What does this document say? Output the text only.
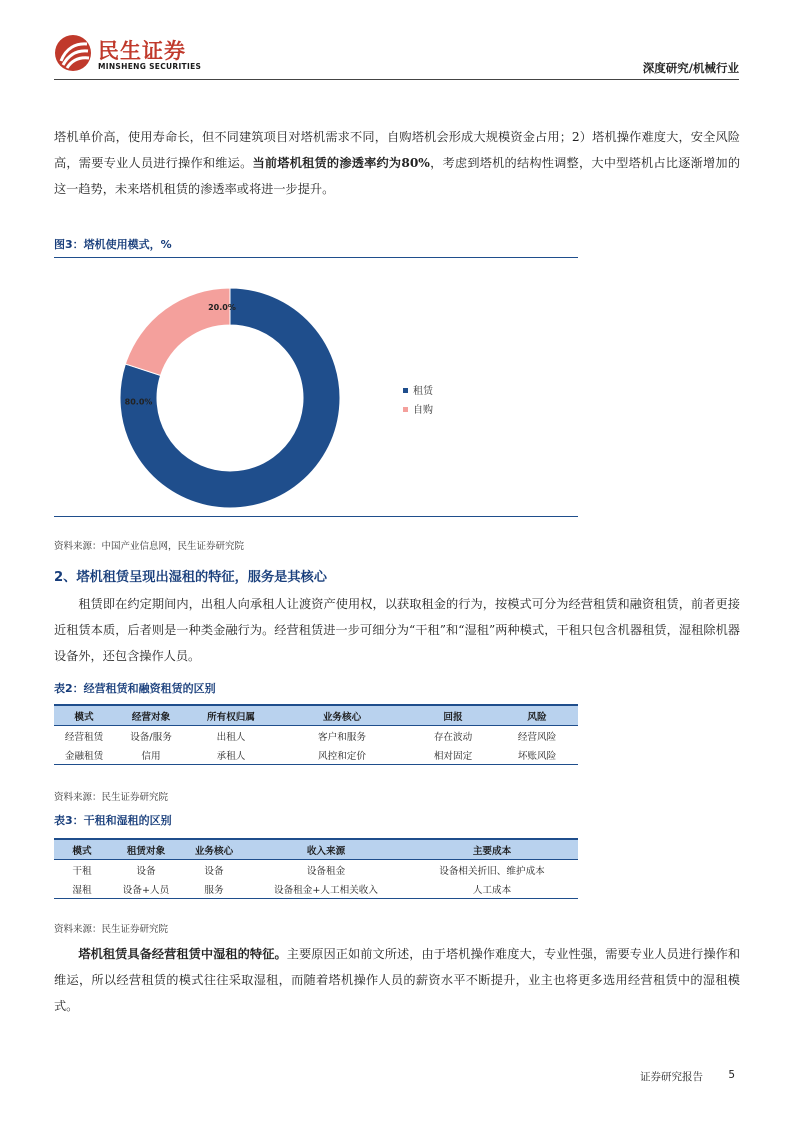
民生证券
MINSHENG SECURITIES	深度研究/机械行业

塔机单价高，使用寿命长，但不同建筑项目对塔机需求不同，自购塔机会形成大规模资金占用；2）塔机操作难度大，安全风险高，需要专业人员进行操作和维运。当前塔机租赁的渗透率约为80%，考虑到塔机的结构性调整，大中型塔机占比逐渐增加的这一趋势，未来塔机租赁的渗透率或将进一步提升。

图3：塔机使用模式，%
80.0%
20.0%
租赁
自购
资料来源：中国产业信息网，民生证券研究院
2、塔机租赁呈现出湿租的特征，服务是其核心

租赁即在约定期间内，出租人向承租人让渡资产使用权，以获取租金的行为，按模式可分为经营租赁和融资租赁，前者更接近租赁本质，后者则是一种类金融行为。经营租赁进一步可细分为“干租”和“湿租”两种模式，干租只包含机器租赁，湿租除机器设备外，还包含操作人员。

表2：经营租赁和融资租赁的区别
模式	经营对象	所有权归属	业务核心	回报	风险
经营租赁	设备/服务	出租人	客户和服务	存在波动	经营风险
金融租赁	信用	承租人	风控和定价	相对固定	坏账风险
资料来源：民生证券研究院
表3：干租和湿租的区别
模式	租赁对象	业务核心	收入来源	主要成本
干租	设备	设备	设备租金	设备相关折旧、维护成本
湿租	设备+人员	服务	设备租金+人工相关收入	人工成本
资料来源：民生证券研究院

塔机租赁具备经营租赁中湿租的特征。主要原因正如前文所述，由于塔机操作难度大，专业性强，需要专业人员进行操作和维运，所以经营租赁的模式往往采取湿租，而随着塔机操作人员的薪资水平不断提升，业主也将更多选用经营租赁中的湿租模式。

证券研究报告 5
